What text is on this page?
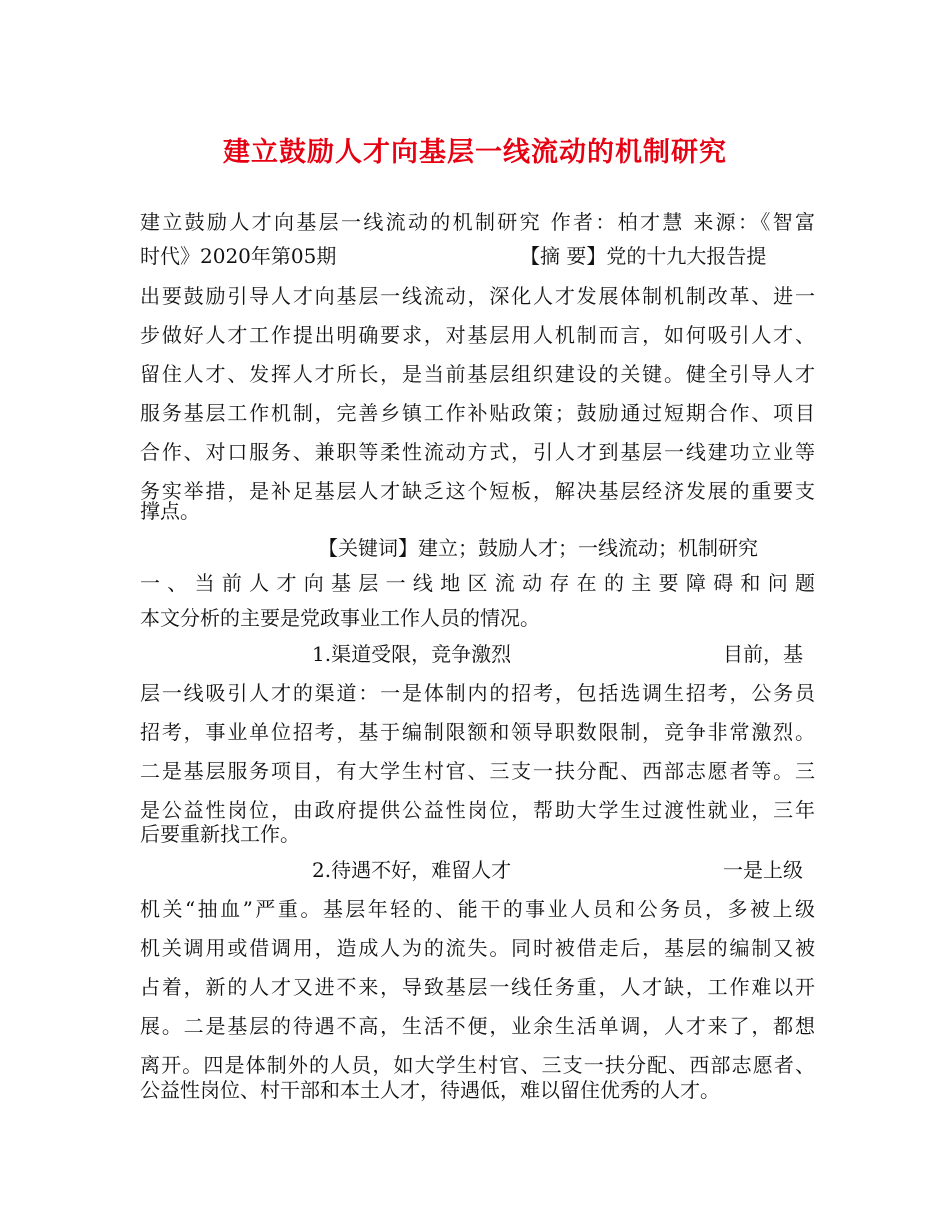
建立鼓励人才向基层一线流动的机制研究
建立鼓励人才向基层一线流动的机制研究 作者：柏才慧 来源：《智富
时代》2020年第05期	【摘 要】党的十九大报告提
出要鼓励引导人才向基层一线流动，深化人才发展体制机制改革、进一
步做好人才工作提出明确要求，对基层用人机制而言，如何吸引人才、
留住人才、发挥人才所长，是当前基层组织建设的关键。健全引导人才
服务基层工作机制，完善乡镇工作补贴政策；鼓励通过短期合作、项目
合作、对口服务、兼职等柔性流动方式，引人才到基层一线建功立业等
务实举措，是补足基层人才缺乏这个短板，解决基层经济发展的重要支
撑点。
【关键词】建立；鼓励人才；一线流动；机制研究
一、当前人才向基层一线地区流动存在的主要障碍和问题
本文分析的主要是党政事业工作人员的情况。
1.渠道受限，竞争激烈	目前，基
层一线吸引人才的渠道：一是体制内的招考，包括选调生招考，公务员
招考，事业单位招考，基于编制限额和领导职数限制，竞争非常激烈。
二是基层服务项目，有大学生村官、三支一扶分配、西部志愿者等。三
是公益性岗位，由政府提供公益性岗位，帮助大学生过渡性就业，三年
后要重新找工作。
2.待遇不好，难留人才	一是上级
机关“抽血”严重。基层年轻的、能干的事业人员和公务员，多被上级
机关调用或借调用，造成人为的流失。同时被借走后，基层的编制又被
占着，新的人才又进不来，导致基层一线任务重，人才缺，工作难以开
展。二是基层的待遇不高，生活不便，业余生活单调，人才来了，都想
离开。四是体制外的人员，如大学生村官、三支一扶分配、西部志愿者、
公益性岗位、村干部和本土人才，待遇低，难以留住优秀的人才。
